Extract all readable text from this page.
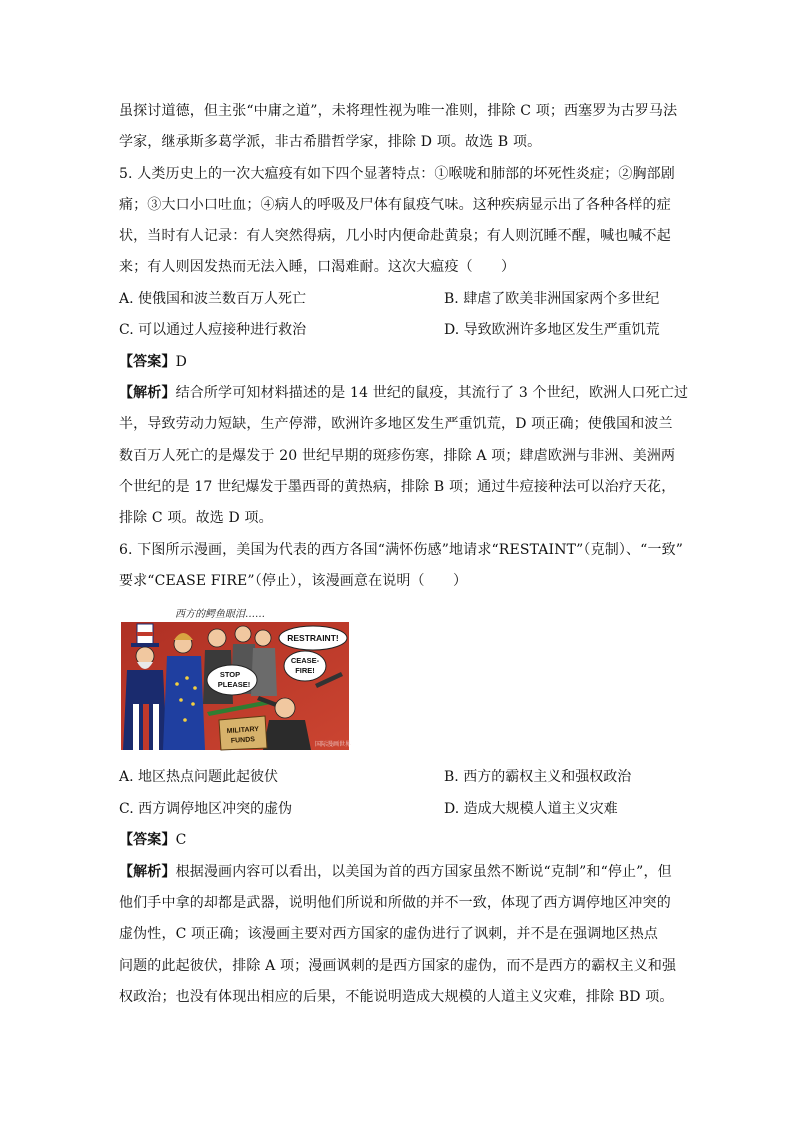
虽探讨道德，但主张“中庸之道”，未将理性视为唯一准则，排除 C 项；西塞罗为古罗马法
学家，继承斯多葛学派，非古希腊哲学家，排除 D 项。故选 B 项。
5. 人类历史上的一次大瘟疫有如下四个显著特点：①喉咙和肺部的坏死性炎症；②胸部剧
痛；③大口小口吐血；④病人的呼吸及尸体有鼠疫气味。这种疾病显示出了各种各样的症
状，当时有人记录：有人突然得病，几小时内便命赴黄泉；有人则沉睡不醒，喊也喊不起
来；有人则因发热而无法入睡，口渴难耐。这次大瘟疫（　　）
A. 使俄国和波兰数百万人死亡	B. 肆虐了欧美非洲国家两个多世纪
C. 可以通过人痘接种进行救治	D. 导致欧洲许多地区发生严重饥荒
【答案】D
【解析】结合所学可知材料描述的是 14 世纪的鼠疫，其流行了 3 个世纪，欧洲人口死亡过
半，导致劳动力短缺，生产停滞，欧洲许多地区发生严重饥荒，D 项正确；使俄国和波兰
数百万人死亡的是爆发于 20 世纪早期的斑疹伤寒，排除 A 项；肆虐欧洲与非洲、美洲两
个世纪的是 17 世纪爆发于墨西哥的黄热病，排除 B 项；通过牛痘接种法可以治疗天花，
排除 C 项。故选 D 项。
6. 下图所示漫画，美国为代表的西方各国“满怀伤感”地请求“RESTAINT”（克制）、“一致”
要求“CEASE FIRE”（停止），该漫画意在说明（　　）
西方的鳄鱼眼泪……
RESTRAINT!
CEASE-
FIRE!
STOP
PLEASE!
MILITARY
FUNDS	国际漫画世界
A. 地区热点问题此起彼伏	B. 西方的霸权主义和强权政治
C. 西方调停地区冲突的虚伪	D. 造成大规模人道主义灾难
【答案】C
【解析】根据漫画内容可以看出，以美国为首的西方国家虽然不断说“克制”和“停止”，但
他们手中拿的却都是武器，说明他们所说和所做的并不一致，体现了西方调停地区冲突的
虚伪性，C 项正确；该漫画主要对西方国家的虚伪进行了讽刺，并不是在强调地区热点
问题的此起彼伏，排除 A 项；漫画讽刺的是西方国家的虚伪，而不是西方的霸权主义和强
权政治；也没有体现出相应的后果，不能说明造成大规模的人道主义灾难，排除 BD 项。
